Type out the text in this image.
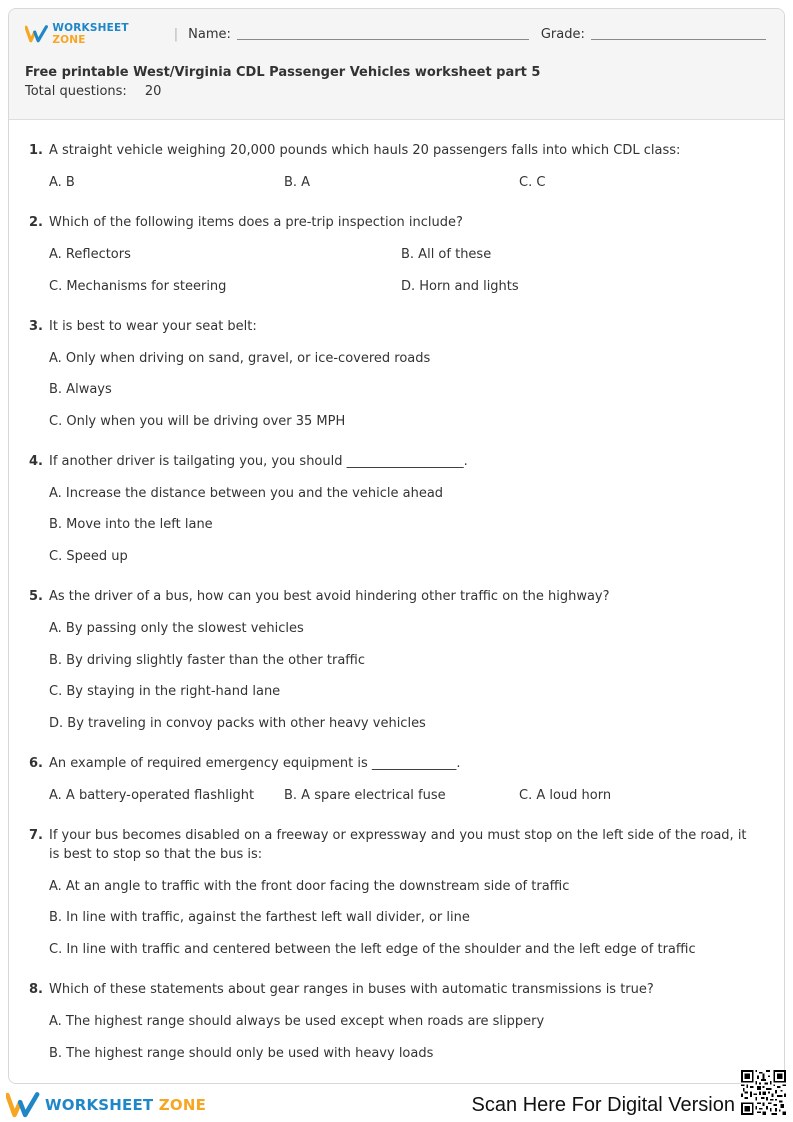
WORKSHEET ZONE	| Name:	Grade:
Free printable West/Virginia CDL Passenger Vehicles worksheet part 5
Total questions: 20
1. A straight vehicle weighing 20,000 pounds which hauls 20 passengers falls into which CDL class:
A. B	B. A	C. C
2. Which of the following items does a pre-trip inspection include?
A. Reflectors	B. All of these
C. Mechanisms for steering	D. Horn and lights
3. It is best to wear your seat belt:
A. Only when driving on sand, gravel, or ice-covered roads
B. Always
C. Only when you will be driving over 35 MPH
4. If another driver is tailgating you, you should __________________.
A. Increase the distance between you and the vehicle ahead
B. Move into the left lane
C. Speed up
5. As the driver of a bus, how can you best avoid hindering other traffic on the highway?
A. By passing only the slowest vehicles
B. By driving slightly faster than the other traffic
C. By staying in the right-hand lane
D. By traveling in convoy packs with other heavy vehicles
6. An example of required emergency equipment is _____________.
A. A battery-operated flashlight	B. A spare electrical fuse	C. A loud horn
7. If your bus becomes disabled on a freeway or expressway and you must stop on the left side of the road, it is best to stop so that the bus is:
A. At an angle to traffic with the front door facing the downstream side of traffic
B. In line with traffic, against the farthest left wall divider, or line
C. In line with traffic and centered between the left edge of the shoulder and the left edge of traffic
8. Which of these statements about gear ranges in buses with automatic transmissions is true?
A. The highest range should always be used except when roads are slippery
B. The highest range should only be used with heavy loads
WORKSHEET ZONE	Scan Here For Digital Version
